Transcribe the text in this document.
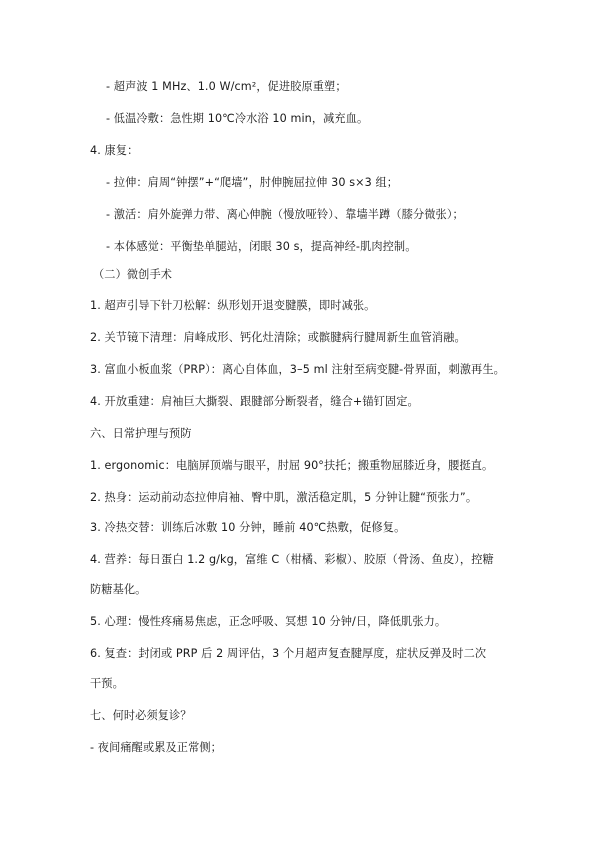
- 超声波 1 MHz、1.0 W/cm²，促进胶原重塑；
- 低温冷敷：急性期 10℃冷水浴 10 min，减充血。
4. 康复：
- 拉伸：肩周“钟摆”+“爬墙”，肘伸腕屈拉伸 30 s×3 组；
- 激活：肩外旋弹力带、离心伸腕（慢放哑铃）、靠墙半蹲（膝分微张）；
- 本体感觉：平衡垫单腿站，闭眼 30 s，提高神经-肌肉控制。
（二）微创手术
1. 超声引导下针刀松解：纵形划开退变腱膜，即时减张。
2. 关节镜下清理：肩峰成形、钙化灶清除；或髌腱病行腱周新生血管消融。
3. 富血小板血浆（PRP）：离心自体血，3–5 ml 注射至病变腱-骨界面，刺激再生。
4. 开放重建：肩袖巨大撕裂、跟腱部分断裂者，缝合+锚钉固定。
六、日常护理与预防
1. ergonomic：电脑屏顶端与眼平，肘屈 90°扶托；搬重物屈膝近身，腰挺直。
2. 热身：运动前动态拉伸肩袖、臀中肌，激活稳定肌，5 分钟让腱“预张力”。
3. 冷热交替：训练后冰敷 10 分钟，睡前 40℃热敷，促修复。
4. 营养：每日蛋白 1.2 g/kg，富维 C（柑橘、彩椒）、胶原（骨汤、鱼皮），控糖
防糖基化。
5. 心理：慢性疼痛易焦虑，正念呼吸、冥想 10 分钟/日，降低肌张力。
6. 复查：封闭或 PRP 后 2 周评估，3 个月超声复查腱厚度，症状反弹及时二次
干预。
七、何时必须复诊？
- 夜间痛醒或累及正常侧；
